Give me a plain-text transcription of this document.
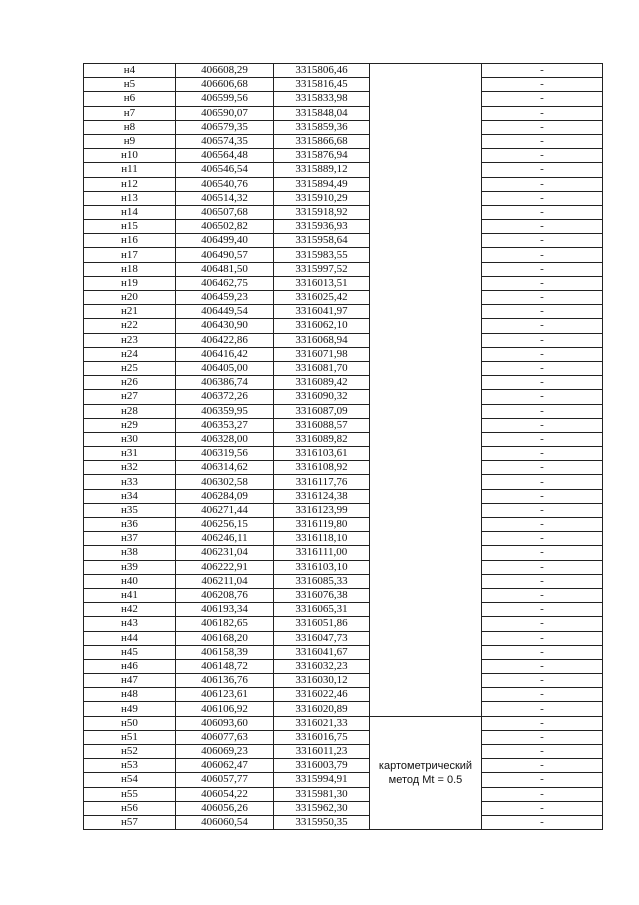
н4	406608,29	3315806,46		-
н5	406606,68	3315816,45		-
н6	406599,56	3315833,98		-
н7	406590,07	3315848,04		-
н8	406579,35	3315859,36		-
н9	406574,35	3315866,68		-
н10	406564,48	3315876,94		-
н11	406546,54	3315889,12		-
н12	406540,76	3315894,49		-
н13	406514,32	3315910,29		-
н14	406507,68	3315918,92		-
н15	406502,82	3315936,93		-
н16	406499,40	3315958,64		-
н17	406490,57	3315983,55		-
н18	406481,50	3315997,52		-
н19	406462,75	3316013,51		-
н20	406459,23	3316025,42		-
н21	406449,54	3316041,97		-
н22	406430,90	3316062,10		-
н23	406422,86	3316068,94		-
н24	406416,42	3316071,98		-
н25	406405,00	3316081,70		-
н26	406386,74	3316089,42		-
н27	406372,26	3316090,32		-
н28	406359,95	3316087,09		-
н29	406353,27	3316088,57		-
н30	406328,00	3316089,82		-
н31	406319,56	3316103,61		-
н32	406314,62	3316108,92		-
н33	406302,58	3316117,76		-
н34	406284,09	3316124,38		-
н35	406271,44	3316123,99		-
н36	406256,15	3316119,80		-
н37	406246,11	3316118,10		-
н38	406231,04	3316111,00		-
н39	406222,91	3316103,10		-
н40	406211,04	3316085,33		-
н41	406208,76	3316076,38		-
н42	406193,34	3316065,31		-
н43	406182,65	3316051,86		-
н44	406168,20	3316047,73		-
н45	406158,39	3316041,67		-
н46	406148,72	3316032,23		-
н47	406136,76	3316030,12		-
н48	406123,61	3316022,46		-
н49	406106,92	3316020,89		-
н50	406093,60	3316021,33	картометрический метод Mt = 0.5	-
н51	406077,63	3316016,75		-
н52	406069,23	3316011,23		-
н53	406062,47	3316003,79		-
н54	406057,77	3315994,91		-
н55	406054,22	3315981,30		-
н56	406056,26	3315962,30		-
н57	406060,54	3315950,35		-
